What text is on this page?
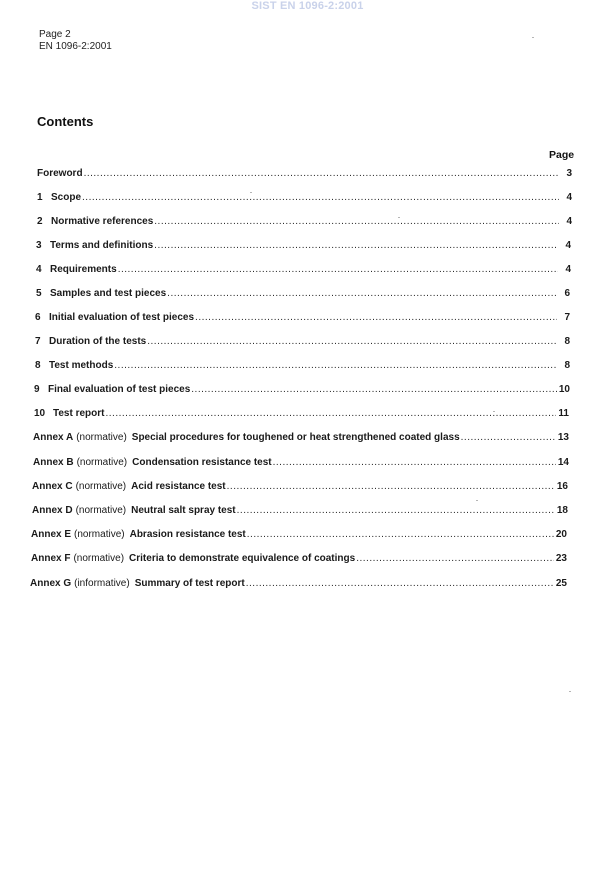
SIST EN 1096-2:2001
Page 2
EN 1096-2:2001
Contents
Page
Foreword .....	3
1 Scope .....	4
2 Normative references .....	4
3 Terms and definitions .....	4
4 Requirements .....	4
5 Samples and test pieces .....	6
6 Initial evaluation of test pieces .....	7
7 Duration of the tests .....	8
8 Test methods .....	8
9 Final evaluation of test pieces .....	10
10 Test report .....	11
Annex A (normative) Special procedures for toughened or heat strengthened coated glass .....	13
Annex B (normative) Condensation resistance test .....	14
Annex C (normative) Acid resistance test .....	16
Annex D (normative) Neutral salt spray test .....	18
Annex E (normative) Abrasion resistance test .....	20
Annex F (normative) Criteria to demonstrate equivalence of coatings .....	23
Annex G (informative) Summary of test report .....	25
